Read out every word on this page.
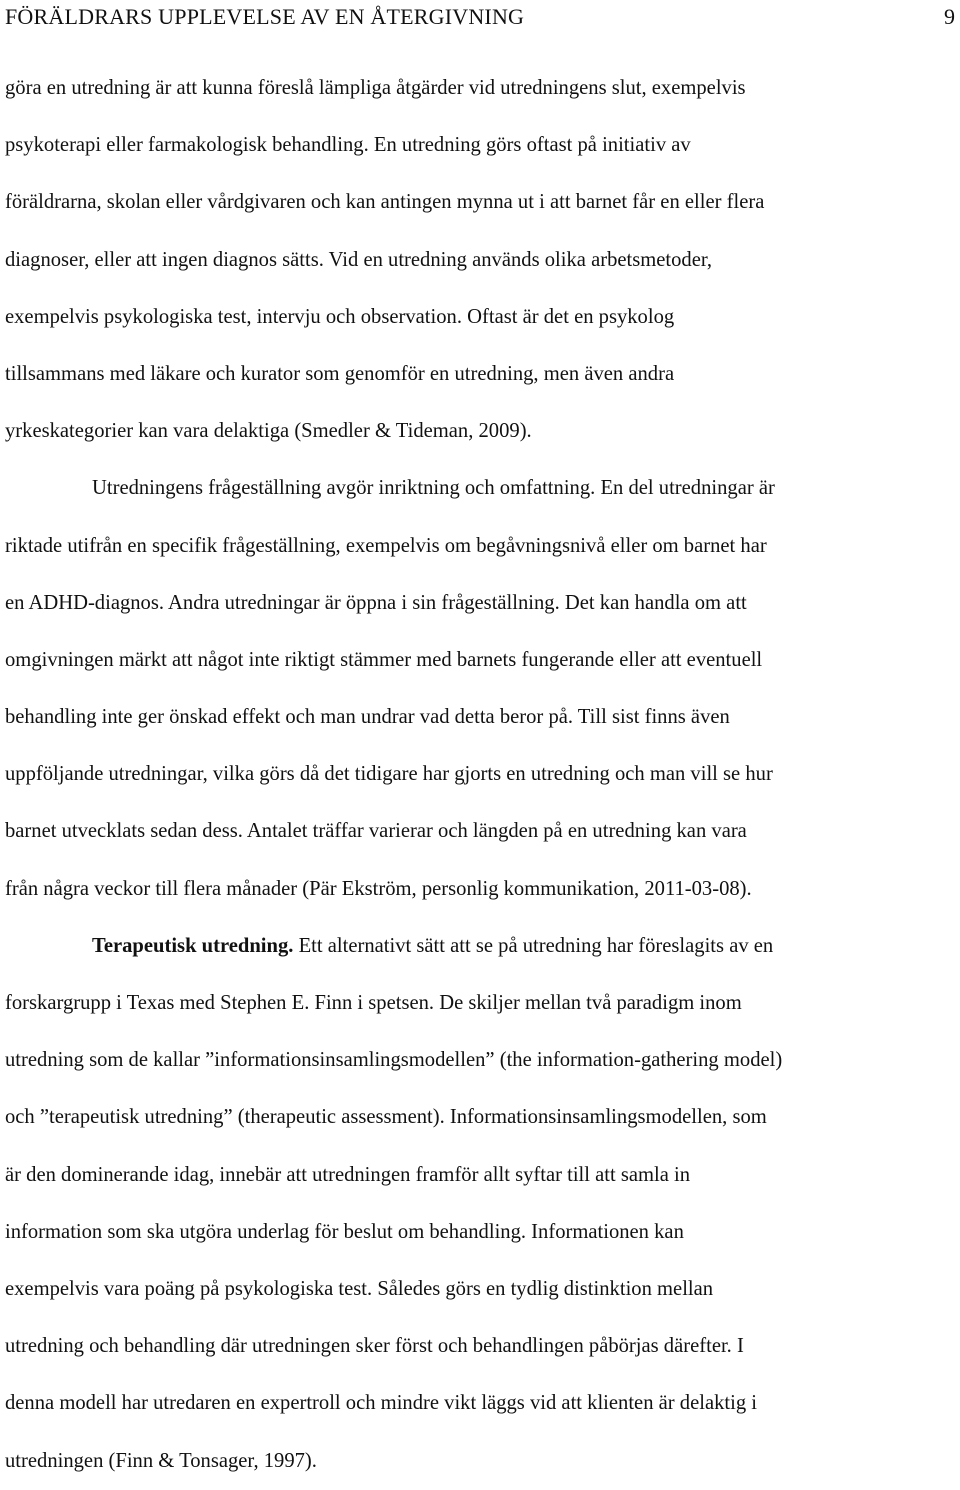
FÖRÄLDRARS UPPLEVELSE AV EN ÅTERGIVNING	9
göra en utredning är att kunna föreslå lämpliga åtgärder vid utredningens slut, exempelvis
psykoterapi eller farmakologisk behandling. En utredning görs oftast på initiativ av
föräldrarna, skolan eller vårdgivaren och kan antingen mynna ut i att barnet får en eller flera
diagnoser, eller att ingen diagnos sätts. Vid en utredning används olika arbetsmetoder,
exempelvis psykologiska test, intervju och observation. Oftast är det en psykolog
tillsammans med läkare och kurator som genomför en utredning, men även andra
yrkeskategorier kan vara delaktiga (Smedler & Tideman, 2009).
Utredningens frågeställning avgör inriktning och omfattning. En del utredningar är
riktade utifrån en specifik frågeställning, exempelvis om begåvningsnivå eller om barnet har
en ADHD-diagnos. Andra utredningar är öppna i sin frågeställning. Det kan handla om att
omgivningen märkt att något inte riktigt stämmer med barnets fungerande eller att eventuell
behandling inte ger önskad effekt och man undrar vad detta beror på. Till sist finns även
uppföljande utredningar, vilka görs då det tidigare har gjorts en utredning och man vill se hur
barnet utvecklats sedan dess. Antalet träffar varierar och längden på en utredning kan vara
från några veckor till flera månader (Pär Ekström, personlig kommunikation, 2011-03-08).
Terapeutisk utredning. Ett alternativt sätt att se på utredning har föreslagits av en
forskargrupp i Texas med Stephen E. Finn i spetsen. De skiljer mellan två paradigm inom
utredning som de kallar ”informationsinsamlingsmodellen” (the information-gathering model)
och ”terapeutisk utredning” (therapeutic assessment). Informationsinsamlingsmodellen, som
är den dominerande idag, innebär att utredningen framför allt syftar till att samla in
information som ska utgöra underlag för beslut om behandling. Informationen kan
exempelvis vara poäng på psykologiska test. Således görs en tydlig distinktion mellan
utredning och behandling där utredningen sker först och behandlingen påbörjas därefter. I
denna modell har utredaren en expertroll och mindre vikt läggs vid att klienten är delaktig i
utredningen (Finn & Tonsager, 1997).
